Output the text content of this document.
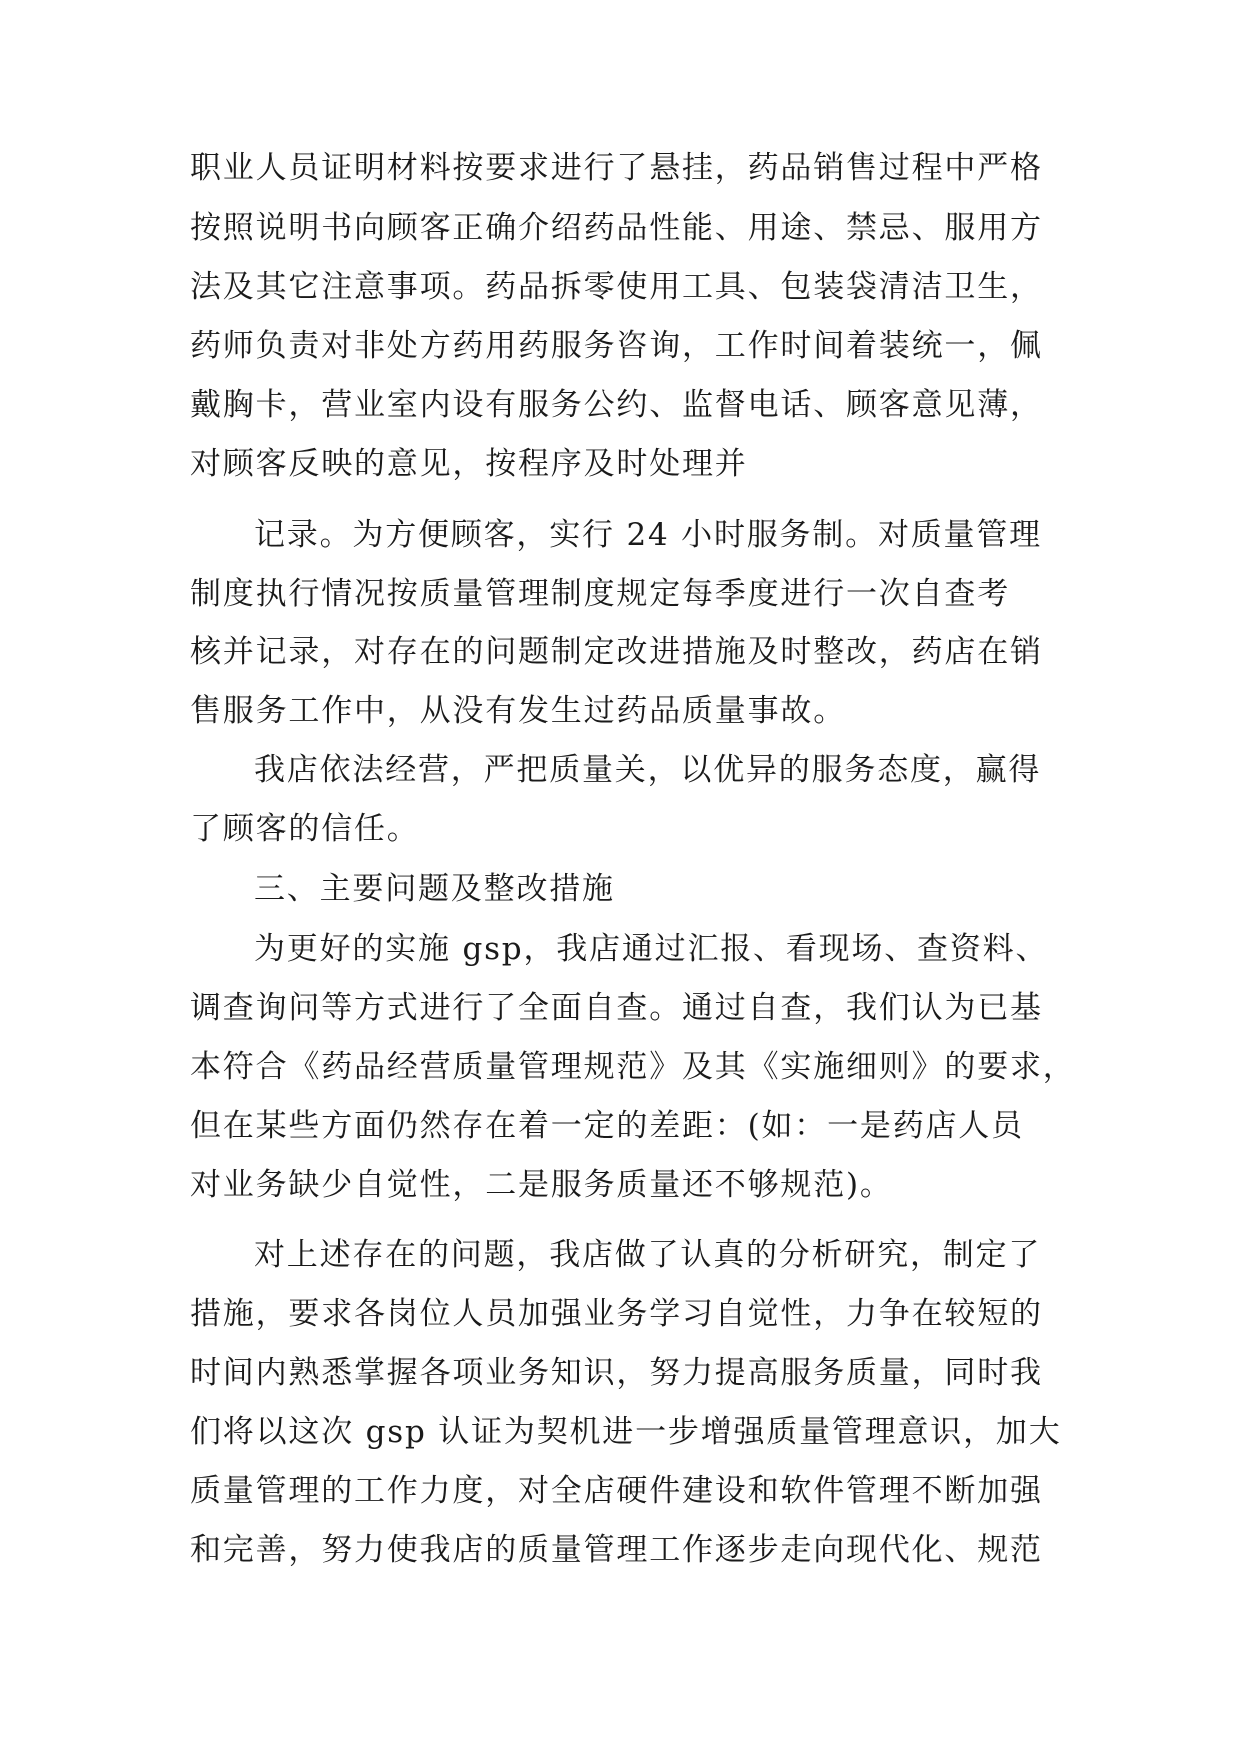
职业人员证明材料按要求进行了悬挂，药品销售过程中严格
按照说明书向顾客正确介绍药品性能、用途、禁忌、服用方
法及其它注意事项。药品拆零使用工具、包装袋清洁卫生，
药师负责对非处方药用药服务咨询，工作时间着装统一，佩
戴胸卡，营业室内设有服务公约、监督电话、顾客意见薄，
对顾客反映的意见，按程序及时处理并
记录。为方便顾客，实行 24 小时服务制。对质量管理
制度执行情况按质量管理制度规定每季度进行一次自查考
核并记录，对存在的问题制定改进措施及时整改，药店在销
售服务工作中，从没有发生过药品质量事故。
我店依法经营，严把质量关，以优异的服务态度，赢得
了顾客的信任。
三、主要问题及整改措施
为更好的实施 gsp，我店通过汇报、看现场、查资料、
调查询问等方式进行了全面自查。通过自查，我们认为已基
本符合《药品经营质量管理规范》及其《实施细则》的要求，
但在某些方面仍然存在着一定的差距：(如：一是药店人员
对业务缺少自觉性，二是服务质量还不够规范)。
对上述存在的问题，我店做了认真的分析研究，制定了
措施，要求各岗位人员加强业务学习自觉性，力争在较短的
时间内熟悉掌握各项业务知识，努力提高服务质量，同时我
们将以这次 gsp 认证为契机进一步增强质量管理意识，加大
质量管理的工作力度，对全店硬件建设和软件管理不断加强
和完善，努力使我店的质量管理工作逐步走向现代化、规范
